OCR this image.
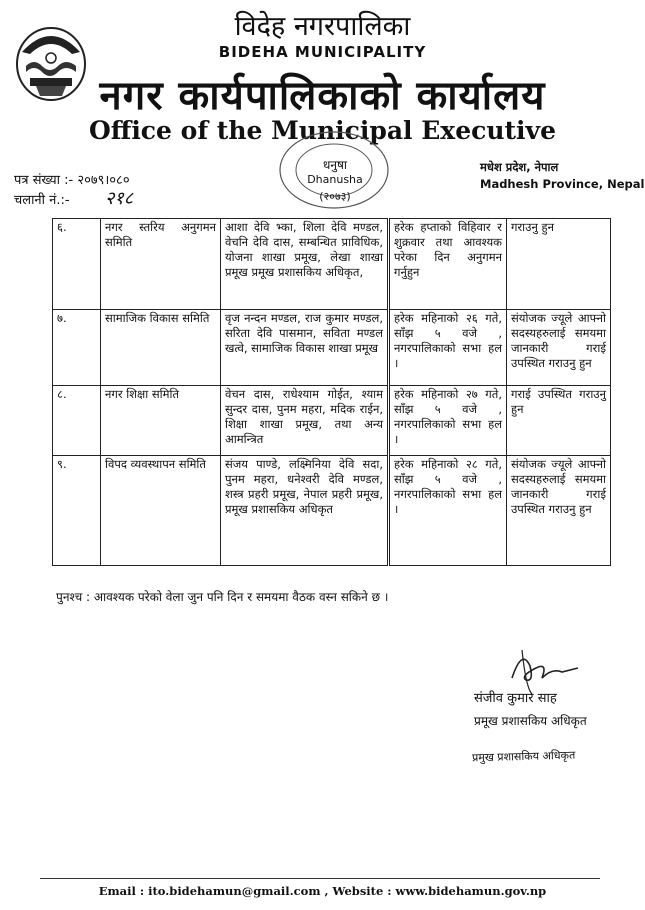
विदेह नगरपालिका
BIDEHA MUNICIPALITY
नगर कार्यपालिकाको कार्यालय
Office of the Municipal Executive
पत्र संख्या :- २०७९।०८०
चलानी नं.:- २१८
धनुषा
Dhanusha
(२०७३)
मधेश प्रदेश, नेपाल
Madhesh Province, Nepal
६.	नगर स्तरिय अनुगमन समिति	आशा देवि भ्का, शिला देवि मण्डल, वेचनि देवि दास, सम्बन्धित प्राविधिक, योजना शाखा प्रमूख, लेखा शाखा प्रमूख प्रमूख प्रशासकिय अधिकृत,	हरेक हप्ताको विहिवार र शुक्रवार तथा आवश्यक परेका दिन अनुगमन गर्नुहुन	गराउनु हुन
७.	सामाजिक विकास समिति	वृज नन्दन मण्डल, राज कुमार मण्डल, सरिता देवि पासमान, सविता मण्डल खत्वे, सामाजिक विकास शाखा प्रमूख	हरेक महिनाको २६ गते, साँझ ५ वजे , नगरपालिकाको सभा हल ।	संयोजक ज्यूले आफ्नो सदस्यहरुलाई समयमा जानकारी गराई उपस्थित गराउनु हुन
८.	नगर शिक्षा समिति	वेचन दास, राधेश्याम गोईत, श्याम सुन्दर दास, पुनम महरा, मदिक राईन, शिक्षा शाखा प्रमूख, तथा अन्य आमन्त्रित	हरेक महिनाको २७ गते, साँझ ५ वजे , नगरपालिकाको सभा हल ।	गराई उपस्थित गराउनु हुन
९.	विपद व्यवस्थापन समिति	संजय पाण्डे, लक्ष्मिनिया देवि सदा, पुनम महरा, धनेश्वरी देवि मण्डल, शस्त्र प्रहरी प्रमूख, नेपाल प्रहरी प्रमूख, प्रमूख प्रशासकिय अधिकृत	हरेक महिनाको २८ गते, साँझ ५ वजे , नगरपालिकाको सभा हल ।	संयोजक ज्यूले आफ्नो सदस्यहरुलाई समयमा जानकारी गराई उपस्थित गराउनु हुन
पुनश्च : आवश्यक परेको वेला जुन पनि दिन र समयमा वैठक वस्न सकिने छ ।
संजीव कुमार साह
प्रमूख प्रशासकिय अधिकृत
प्रमुख प्रशासकिय अधिकृत
Email : ito.bidehamun@gmail.com , Website : www.bidehamun.gov.np
